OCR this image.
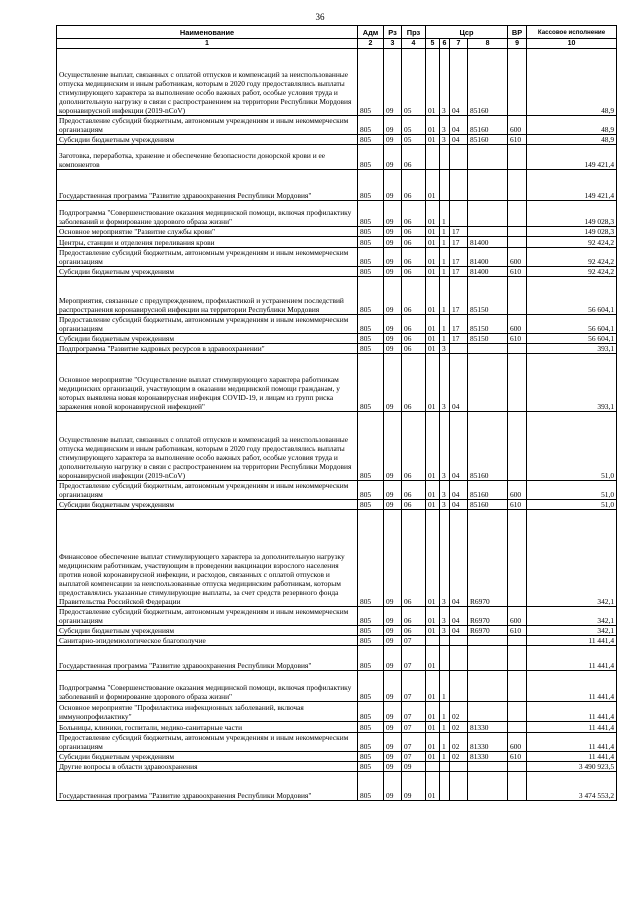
36
Наименование	Адм	Рз	Прз	Цср				ВР	Кассовое исполнение
1	2	3	4	5	6	7	8	9	10
Осуществление выплат, связанных с оплатой отпусков и компенсаций за неиспользованные отпуска медицинским и иным работникам, которым в 2020 году предоставлялись выплаты стимулирующего характера за выполнение особо важных работ, особые условия труда и дополнительную нагрузку в связи с распространением на территории Республики Мордовия коронавирусной инфекции (2019-nCoV)	805	09	05	01	3	04	85160		48,9
Предоставление субсидий бюджетным, автономным учреждениям и иным некоммерческим организациям	805	09	05	01	3	04	85160	600	48,9
Субсидии бюджетным учреждениям	805	09	05	01	3	04	85160	610	48,9
Заготовка, переработка, хранение и обеспечение безопасности донорской крови и ее компонентов	805	09	06						149 421,4
Государственная программа "Развитие здравоохранения Республики Мордовия"	805	09	06	01					149 421,4
Подпрограмма "Совершенствование оказания медицинской помощи, включая профилактику заболеваний и формирование здорового образа жизни"	805	09	06	01	1				149 028,3
Основное мероприятие "Развитие службы крови"	805	09	06	01	1	17			149 028,3
Центры, станции и отделения переливания крови	805	09	06	01	1	17	81400		92 424,2
Предоставление субсидий бюджетным, автономным учреждениям и иным некоммерческим организациям	805	09	06	01	1	17	81400	600	92 424,2
Субсидии бюджетным учреждениям	805	09	06	01	1	17	81400	610	92 424,2
Мероприятия, связанные с предупреждением, профилактикой и устранением последствий распространения коронавирусной инфекции на территории Республики Мордовия	805	09	06	01	1	17	85150		56 604,1
Предоставление субсидий бюджетным, автономным учреждениям и иным некоммерческим организациям	805	09	06	01	1	17	85150	600	56 604,1
Субсидии бюджетным учреждениям	805	09	06	01	1	17	85150	610	56 604,1
Подпрограмма "Развитие кадровых ресурсов в здравоохранении"	805	09	06	01	3				393,1
Основное мероприятие "Осуществление выплат стимулирующего характера работникам медицинских организаций, участвующим в оказании медицинской помощи гражданам, у которых выявлена новая коронавирусная инфекция COVID-19, и лицам из групп риска заражения новой коронавирусной инфекцией"	805	09	06	01	3	04			393,1
Осуществление выплат, связанных с оплатой отпусков и компенсаций за неиспользованные отпуска медицинским и иным работникам, которым в 2020 году предоставлялись выплаты стимулирующего характера за выполнение особо важных работ, особые условия труда и дополнительную нагрузку в связи с распространением на территории Республики Мордовия коронавирусной инфекции (2019-nCoV)	805	09	06	01	3	04	85160		51,0
Предоставление субсидий бюджетным, автономным учреждениям и иным некоммерческим организациям	805	09	06	01	3	04	85160	600	51,0
Субсидии бюджетным учреждениям	805	09	06	01	3	04	85160	610	51,0
Финансовое обеспечение выплат стимулирующего характера за дополнительную нагрузку медицинским работникам, участвующим в проведении вакцинации взрослого населения против новой коронавирусной инфекции, и расходов, связанных с оплатой отпусков и выплатой компенсации за неиспользованные отпуска медицинским работникам, которым предоставлялись указанные стимулирующие выплаты, за счет средств резервного фонда Правительства Российской Федерации	805	09	06	01	3	04	R6970		342,1
Предоставление субсидий бюджетным, автономным учреждениям и иным некоммерческим организациям	805	09	06	01	3	04	R6970	600	342,1
Субсидии бюджетным учреждениям	805	09	06	01	3	04	R6970	610	342,1
Санитарно-эпидемиологическое благополучие	805	09	07						11 441,4
Государственная программа "Развитие здравоохранения Республики Мордовия"	805	09	07	01					11 441,4
Подпрограмма "Совершенствование оказания медицинской помощи, включая профилактику заболеваний и формирование здорового образа жизни"	805	09	07	01	1				11 441,4
Основное мероприятие "Профилактика инфекционных заболеваний, включая иммунопрофилактику"	805	09	07	01	1	02			11 441,4
Больницы, клиники, госпитали, медико-санитарные части	805	09	07	01	1	02	81330		11 441,4
Предоставление субсидий бюджетным, автономным учреждениям и иным некоммерческим организациям	805	09	07	01	1	02	81330	600	11 441,4
Субсидии бюджетным учреждениям	805	09	07	01	1	02	81330	610	11 441,4
Другие вопросы в области здравоохранения	805	09	09						3 490 923,5
Государственная программа "Развитие здравоохранения Республики Мордовия"	805	09	09	01					3 474 553,2
